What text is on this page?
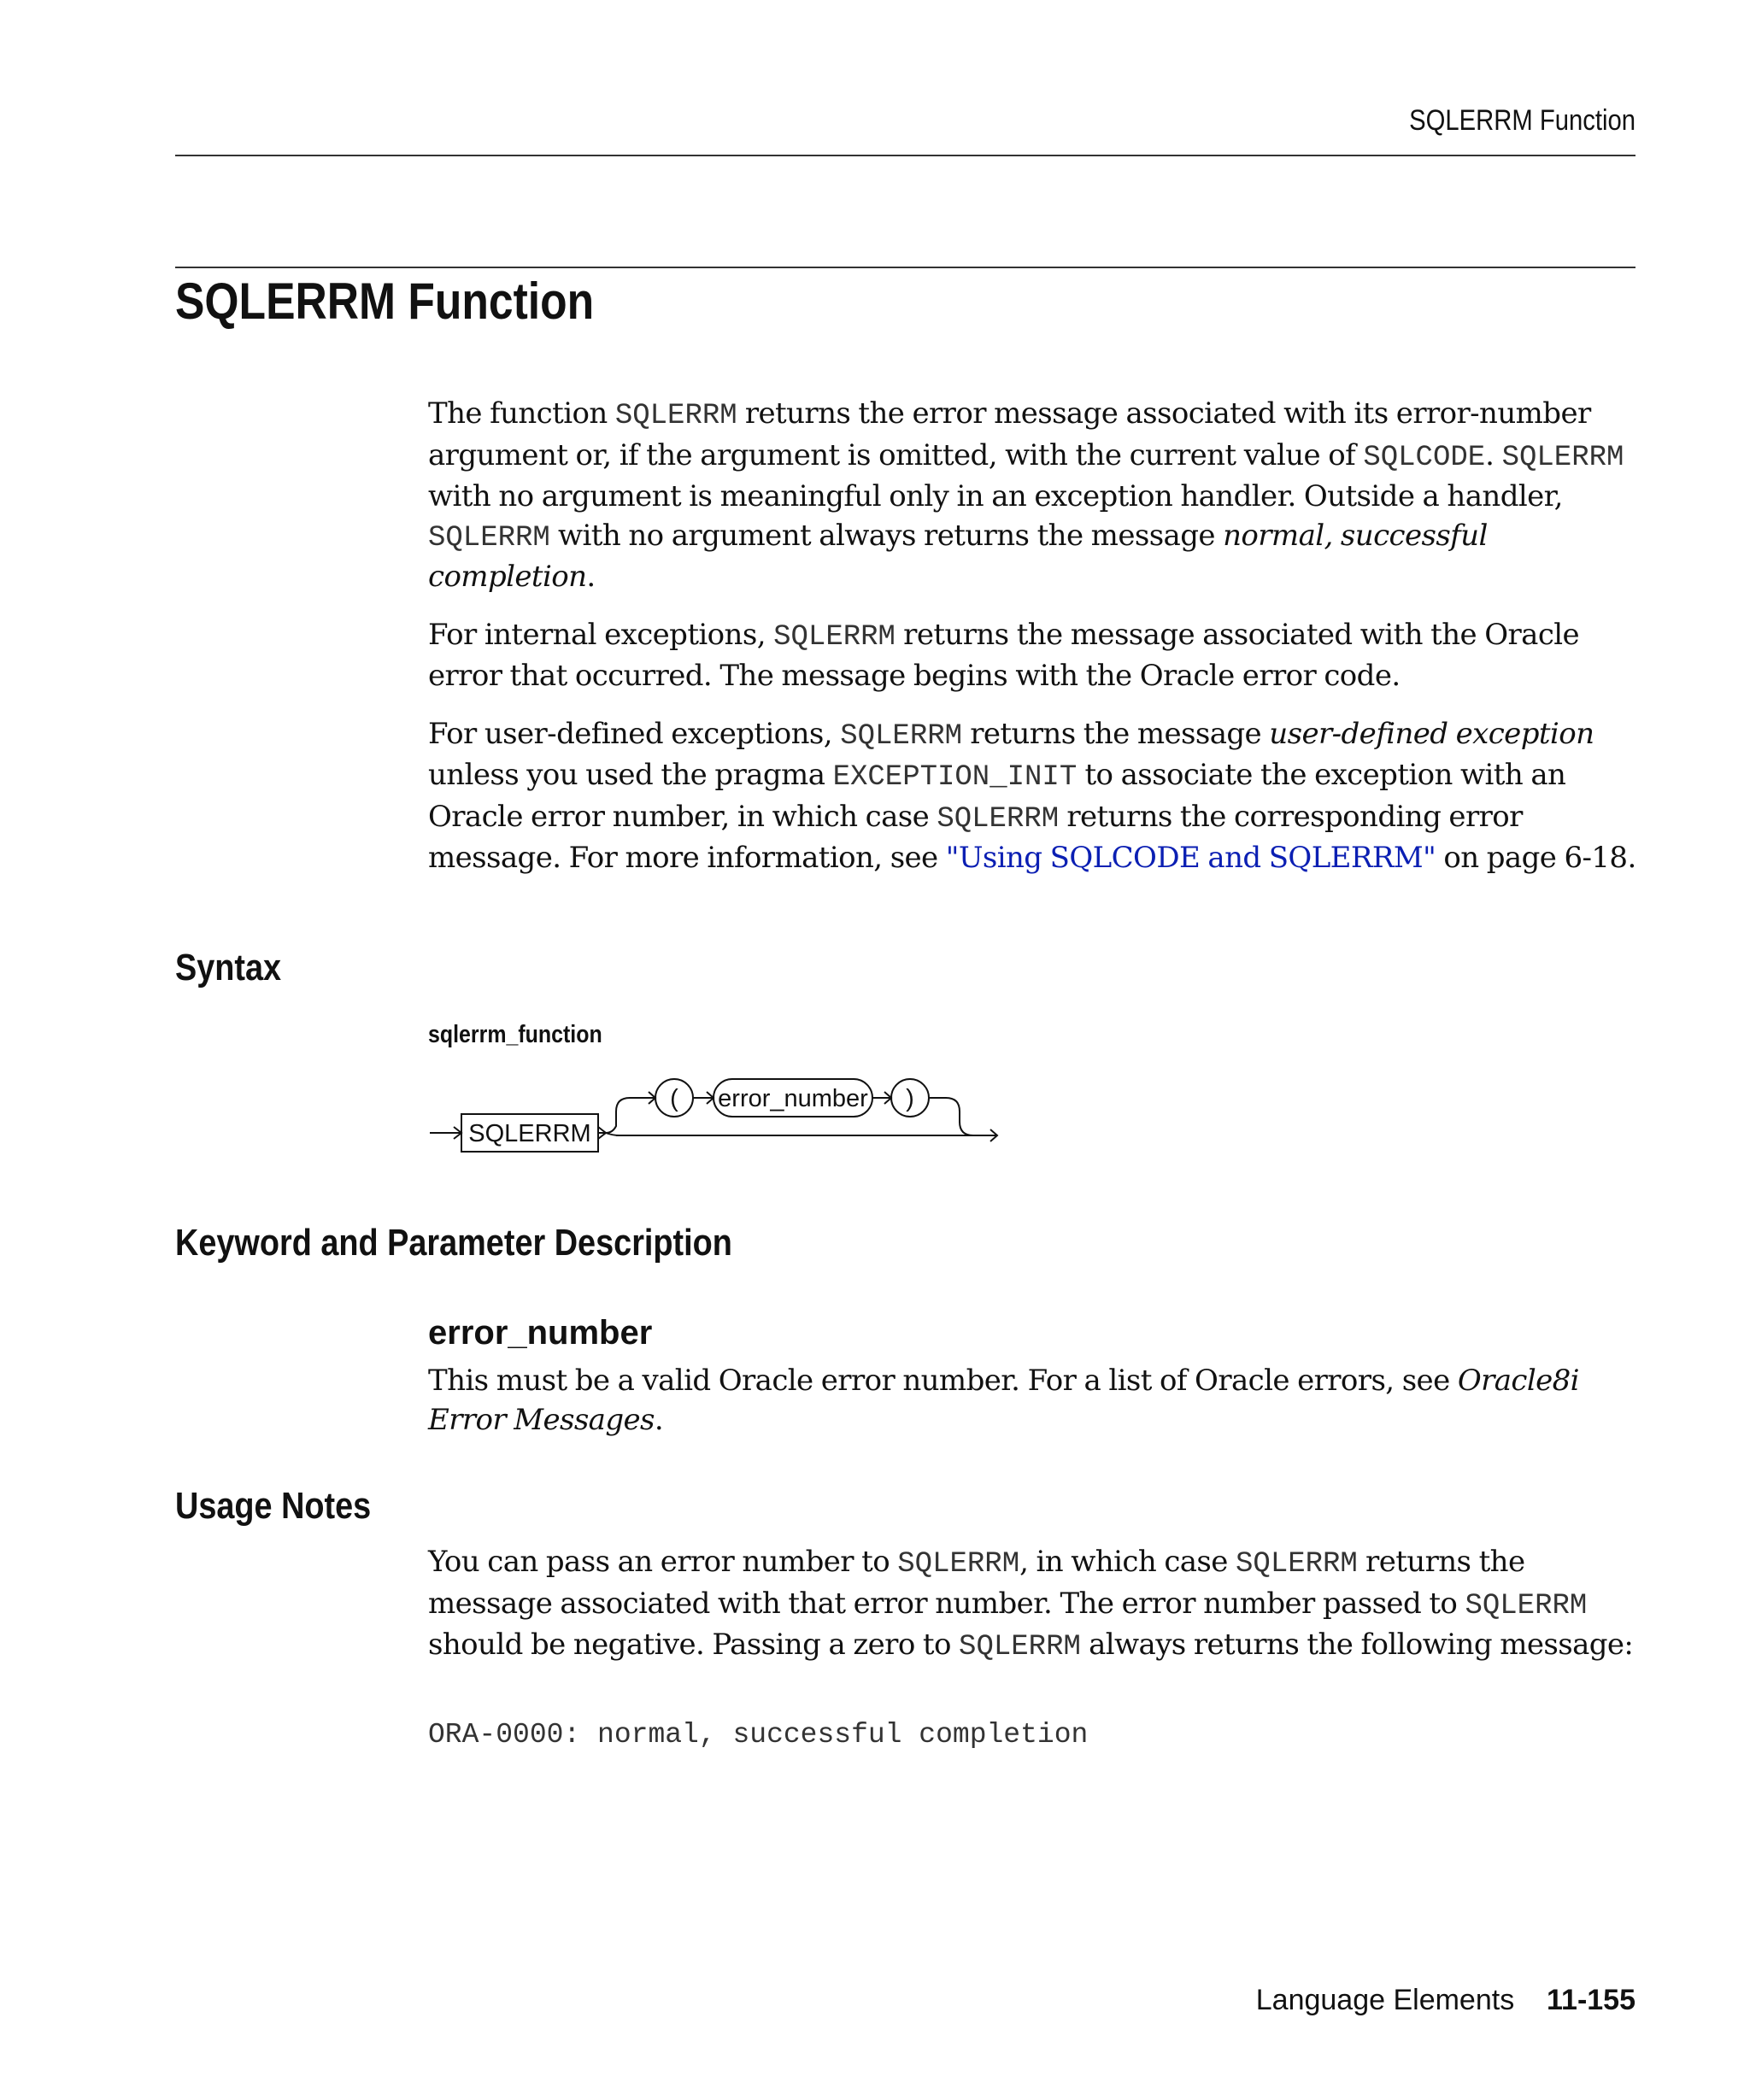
SQLERRM Function
SQLERRM Function

The function SQLERRM returns the error message associated with its error-number argument or, if the argument is omitted, with the current value of SQLCODE. SQLERRM with no argument is meaningful only in an exception handler. Outside a handler, SQLERRM with no argument always returns the message normal, successful completion.

For internal exceptions, SQLERRM returns the message associated with the Oracle error that occurred. The message begins with the Oracle error code.

For user-defined exceptions, SQLERRM returns the message user-defined exception unless you used the pragma EXCEPTION_INIT to associate the exception with an Oracle error number, in which case SQLERRM returns the corresponding error message. For more information, see "Using SQLCODE and SQLERRM" on page 6-18.

Syntax
sqlerrm_function
SQLERRM
( error_number )
Keyword and Parameter Description
error_number

This must be a valid Oracle error number. For a list of Oracle errors, see Oracle8i Error Messages.

Usage Notes

You can pass an error number to SQLERRM, in which case SQLERRM returns the message associated with that error number. The error number passed to SQLERRM should be negative. Passing a zero to SQLERRM always returns the following message:

ORA-0000: normal, successful completion
Language Elements 11-155
